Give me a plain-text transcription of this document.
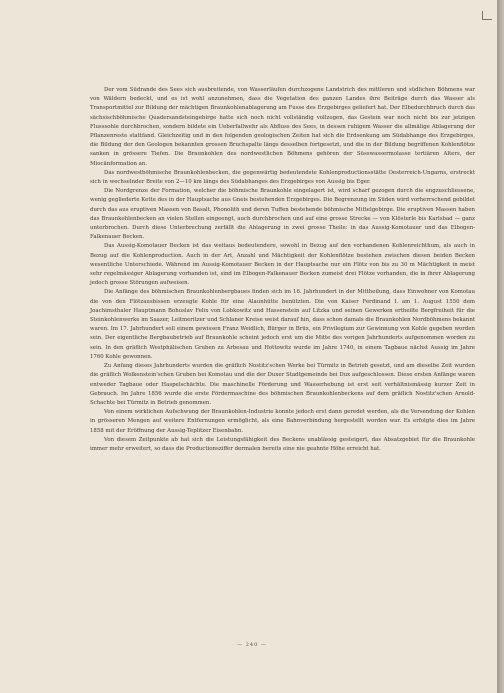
Der vom Südrande des Sees sich ausbreitende, von Wasserläufen durchzogene Landstrich des mittleren und südlichen Böhmens war von Wäldern bedeckt, und es ist wohl anzunehmen, dass die Vegetation des ganzen Landes ihre Beiträge durch das Wasser als Transportmittel zur Bildung der mächtigen Braunkohlenablagerung am Fusse des Erzgebirges geliefert hat. Der Elbedurchbruch durch das sächsischböhmische Quadersandsteingebirge hatte sich noch nicht vollständig vollzogen, das Gestein war noch nicht bis zur jetzigen Flusssohle durchbrochen, sondern bildete ein Ueberfallwehr als Abfluss des Sees, in dessen ruhigem Wasser die allmälige Ablagerung der Pflanzenreste stattfand. Gleichzeitig und in den folgenden geologischen Zeiten hat sich die Erdsenkung am Südabhange des Erzgebirges, die Bildung der den Geologen bekannten grossen Bruchspalte längs desselben fortgesetzt, und die in der Bildung begriffenen Kohlenflötze sanken in grössere Tiefen. Die Braunkohlen des nordwestlichen Böhmens gehören der Süsswassermolasse tertiären Alters, der Miocänformation an.

Das nordwestböhmische Braunkohlenbecken, die gegenwärtig bedeutendste Kohlenproductionsstätte Oesterreich-Ungarns, erstreckt sich in wechselnder Breite von 2—10 km längs des Südabhanges des Erzgebirges von Aussig bis Eger.

Die Nordgrenze der Formation, welcher die böhmische Braunkohle eingelagert ist, wird scharf gezogen durch die engzuschliessene, wenig gegliederte Kette des in der Hauptsache aus Gneis bestehenden Erzgebirges. Die Begrenzung im Süden wird vorherrschend gebildet durch das aus eruptiven Massen von Basalt, Phonolith und deren Tuffen bestehende böhmische Mittelgebirge. Die eruptiven Massen haben das Braunkohlenbecken an vielen Stellen eingeengt, auch durchbrochen und auf eine grosse Strecke — von Klösterle bis Karlsbad — ganz unterbrochen. Durch diese Unterbrechung zerfällt die Ablagerung in zwei grosse Theile: in das Aussig-Komotauer und das Elbogen-Falkenauer Becken.

Das Aussig-Komotauer Becken ist das weitaus bedeutendere, sowohl in Bezug auf den vorhandenen Kohlenreichthum, als auch in Bezug auf die Kohlenproduction. Auch in der Art, Anzahl und Mächtigkeit der Kohlenflötze bestehen zwischen diesen beiden Becken wesentliche Unterschiede. Während im Aussig-Komotauer Becken in der Hauptsache nur ein Flötz von bis zu 30 m Mächtigkeit in meist sehr regelmässiger Ablagerung vorhanden ist, sind im Elbogen-Falkenauer Becken zumeist drei Flötze vorhanden, die in ihrer Ablagerung jedoch grosse Störungen aufweisen.

Die Anfänge des böhmischen Braunkohlenbergbaues finden sich im 16. Jahrhundert in der Mittheilung, dass Einwohner von Komotau die von den Flötzausbissen erzeugte Kohle für eine Alaunhütte benützten. Die von Kaiser Ferdinand I. am 1. August 1550 dem Joachimsthaler Hauptmann Bohuslav Felix von Lobkowitz und Hassenstein auf Litzka und seinen Gewerken ertheilte Bergfreiheit für die Steinkohlenwerke im Saazer, Leitmeritzer und Schlaner Kreise weist darauf hin, dass schon damals die Braunkohlen Nordböhmens bekannt waren. Im 17. Jahrhundert soll einem gewissen Franz Weidlich, Bürger in Brüx, ein Privilegium zur Gewinnung von Kohle gegeben worden sein. Der eigentliche Bergbaubetrieb auf Braunkohle scheint jedoch erst um die Mitte des vorigen Jahrhunderts aufgenommen worden zu sein. In den gräflich Westphälischen Gruben zu Arbesau und Hottowitz wurde im Jahre 1740, in einem Tagbaue nächst Aussig im Jahre 1760 Kohle gewonnen.

Zu Anfang dieses Jahrhunderts wurden die gräflich Nostitz'schen Werke bei Türmitz in Betrieb gesetzt, und am dieselbe Zeit wurden die gräflich Wolkenstein'schen Gruben bei Komotau und die der Duxer Stadtgemeinde bei Dux aufgeschlossen. Diese ersten Anfänge waren entweder Tagbaue oder Haspelschächte. Die maschinelle Förderung und Wasserhebung ist erst seit verhältnismässig kurzer Zeit in Gebrauch. Im Jahre 1856 wurde die erste Fördermaschine des böhmischen Braunkohlenbeckens auf dem gräflich Nostitz'schen Arnold-Schachte bei Türmitz in Betrieb genommen.

Von einem wirklichen Aufschwung der Braunkohlen-Industrie konnte jedoch erst dann geredet werden, als die Versendung der Kohlen in grösseren Mengen auf weitere Entfernungen ermöglicht, als eine Bahnverbindung hergestellt worden war. Es erfolgte dies im Jahre 1858 mit der Eröffnung der Aussig-Teplitzer Eisenbahn.

Von diesem Zeitpunkte ab hat sich die Leistungsfähigkeit des Beckens unablässig gesteigert, das Absatzgebiet für die Braunkohle immer mehr erweitert, so dass die Productionsziffer dermalen bereits eine nie geahnte Höhe erreicht hat.

— 240 —
